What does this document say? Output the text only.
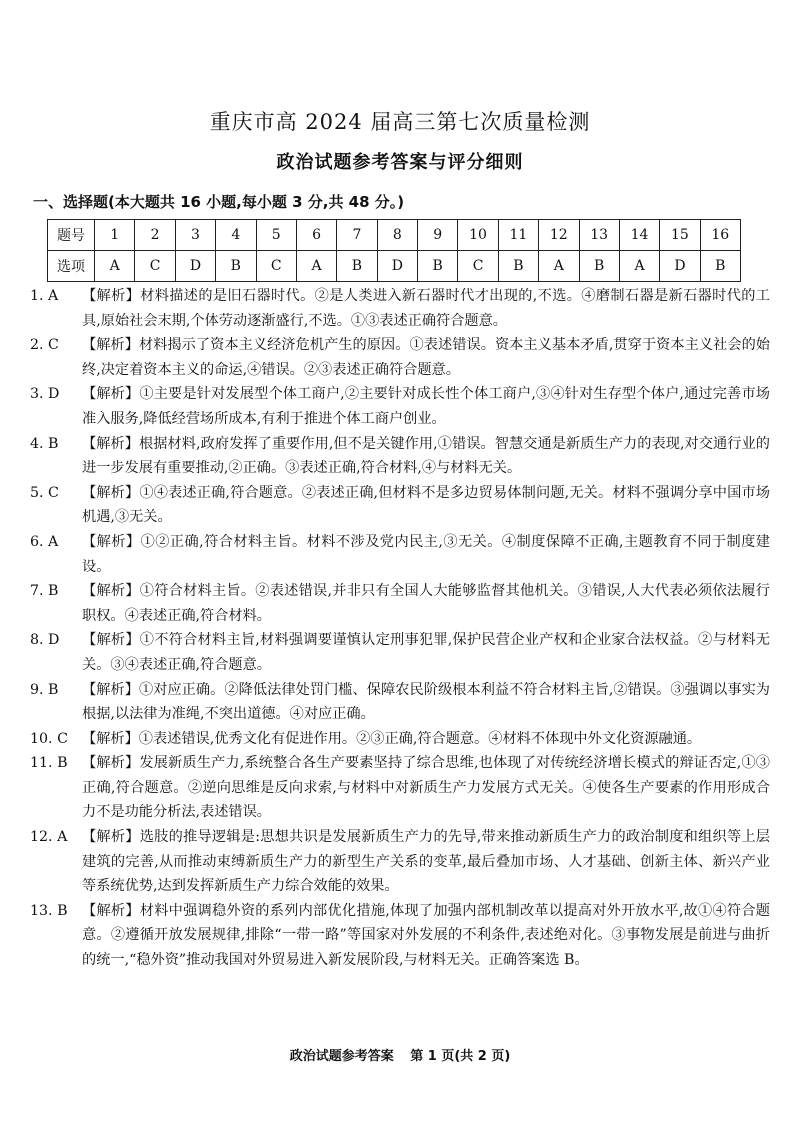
重庆市高 2024 届高三第七次质量检测
政治试题参考答案与评分细则
一、选择题(本大题共 16 小题,每小题 3 分,共 48 分。)
题号	1	2	3	4	5	6	7	8	9	10	11	12	13	14	15	16
选项	A	C	D	B	C	A	B	D	B	C	B	A	B	A	D	B
1. A	【解析】材料描述的是旧石器时代。②是人类进入新石器时代才出现的,不选。④磨制石器是新石器时代的工具,原始社会末期,个体劳动逐渐盛行,不选。①③表述正确符合题意。
2. C	【解析】材料揭示了资本主义经济危机产生的原因。①表述错误。资本主义基本矛盾,贯穿于资本主义社会的始终,决定着资本主义的命运,④错误。②③表述正确符合题意。
3. D	【解析】①主要是针对发展型个体工商户,②主要针对成长性个体工商户,③④针对生存型个体户,通过完善市场准入服务,降低经营场所成本,有利于推进个体工商户创业。
4. B	【解析】根据材料,政府发挥了重要作用,但不是关键作用,①错误。智慧交通是新质生产力的表现,对交通行业的进一步发展有重要推动,②正确。③表述正确,符合材料,④与材料无关。
5. C	【解析】①④表述正确,符合题意。②表述正确,但材料不是多边贸易体制问题,无关。材料不强调分享中国市场机遇,③无关。
6. A	【解析】①②正确,符合材料主旨。材料不涉及党内民主,③无关。④制度保障不正确,主题教育不同于制度建设。
7. B	【解析】①符合材料主旨。②表述错误,并非只有全国人大能够监督其他机关。③错误,人大代表必须依法履行职权。④表述正确,符合材料。
8. D	【解析】①不符合材料主旨,材料强调要谨慎认定刑事犯罪,保护民营企业产权和企业家合法权益。②与材料无关。③④表述正确,符合题意。
9. B	【解析】①对应正确。②降低法律处罚门槛、保障农民阶级根本利益不符合材料主旨,②错误。③强调以事实为根据,以法律为准绳,不突出道德。④对应正确。
10. C 【解析】①表述错误,优秀文化有促进作用。②③正确,符合题意。④材料不体现中外文化资源融通。
11. B	【解析】发展新质生产力,系统整合各生产要素坚持了综合思维,也体现了对传统经济增长模式的辩证否定,①③正确,符合题意。②逆向思维是反向求索,与材料中对新质生产力发展方式无关。④使各生产要素的作用形成合力不是功能分析法,表述错误。
12. A	【解析】选肢的推导逻辑是:思想共识是发展新质生产力的先导,带来推动新质生产力的政治制度和组织等上层建筑的完善,从而推动束缚新质生产力的新型生产关系的变革,最后叠加市场、人才基础、创新主体、新兴产业等系统优势,达到发挥新质生产力综合效能的效果。
13. B	【解析】材料中强调稳外资的系列内部优化措施,体现了加强内部机制改革以提高对外开放水平,故①④符合题意。②遵循开放发展规律,排除“一带一路”等国家对外发展的不利条件,表述绝对化。③事物发展是前进与曲折的统一,“稳外资”推动我国对外贸易进入新发展阶段,与材料无关。正确答案选 B。
政治试题参考答案 第 1 页(共 2 页)
